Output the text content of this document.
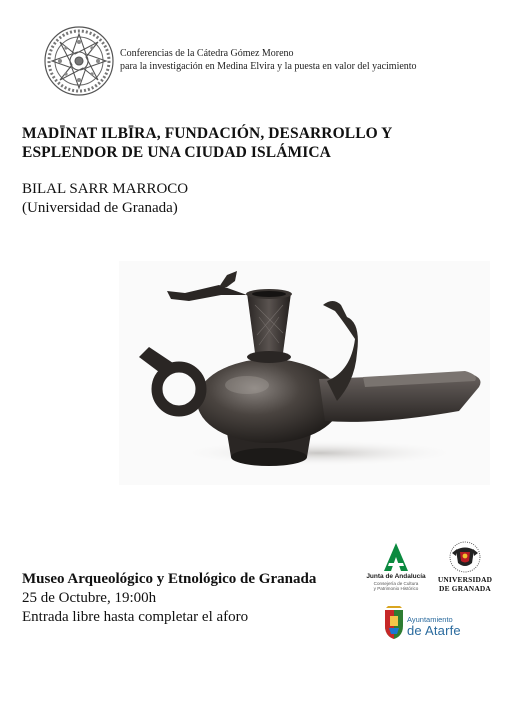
Conferencias de la Cátedra Gómez Moreno
para la investigación en Medina Elvira y la puesta en valor del yacimiento
MADĪNAT ILBĪRA, FUNDACIÓN, DESARROLLO Y
ESPLENDOR DE UNA CIUDAD ISLÁMICA
BILAL SARR MARROCO
(Universidad de Granada)
Museo Arqueológico y Etnológico de Granada
25 de Octubre, 19:00h
Entrada libre hasta completar el aforo
Junta de Andalucía
Consejería de Cultura
y Patrimonio Histórico
UNIVERSIDAD
DE GRANADA
Ayuntamiento
de Atarfe
